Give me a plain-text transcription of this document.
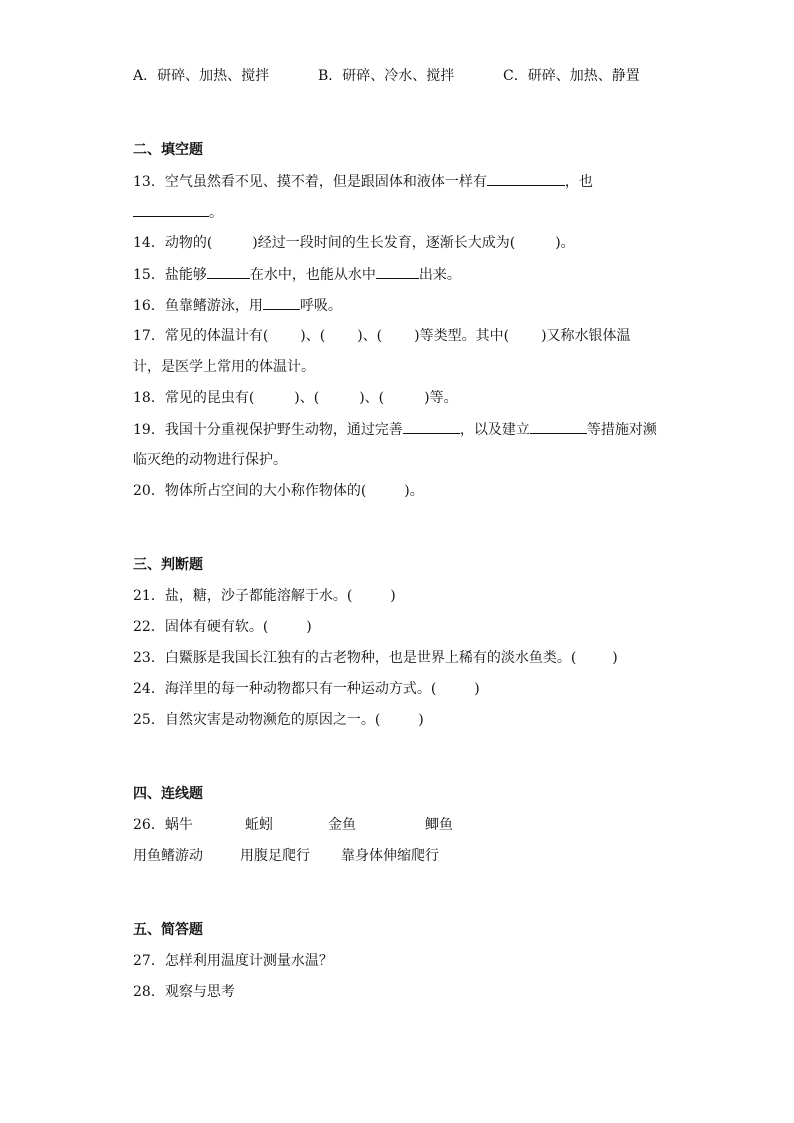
A．研碎、加热、搅拌	B．研碎、冷水、搅拌	C．研碎、加热、静置
二、填空题
13．空气虽然看不见、摸不着，但是跟固体和液体一样有	，也
。
14．动物的(	)经过一段时间的生长发育，逐渐长大成为(	)。
15．盐能够	在水中，也能从水中	出来。
16．鱼靠鳍游泳，用	呼吸。
17．常见的体温计有( )、( )、( )等类型。其中( )又称水银体温
计，是医学上常用的体温计。
18．常见的昆虫有(	)、(	)、(	)等。
19．我国十分重视保护野生动物，通过完善	，以及建立	等措施对濒
临灭绝的动物进行保护。
20．物体所占空间的大小称作物体的(	)。
三、判断题
21．盐，糖，沙子都能溶解于水。(	)
22．固体有硬有软。(	)
23．白鱀豚是我国长江独有的古老物种，也是世界上稀有的淡水鱼类。(	)
24．海洋里的每一种动物都只有一种运动方式。(	)
25．自然灾害是动物濒危的原因之一。(	)
四、连线题
26．蜗牛	蚯蚓	金鱼	鲫鱼
用鱼鳍游动	用腹足爬行 靠身体伸缩爬行
五、简答题
27．怎样利用温度计测量水温？
28．观察与思考
